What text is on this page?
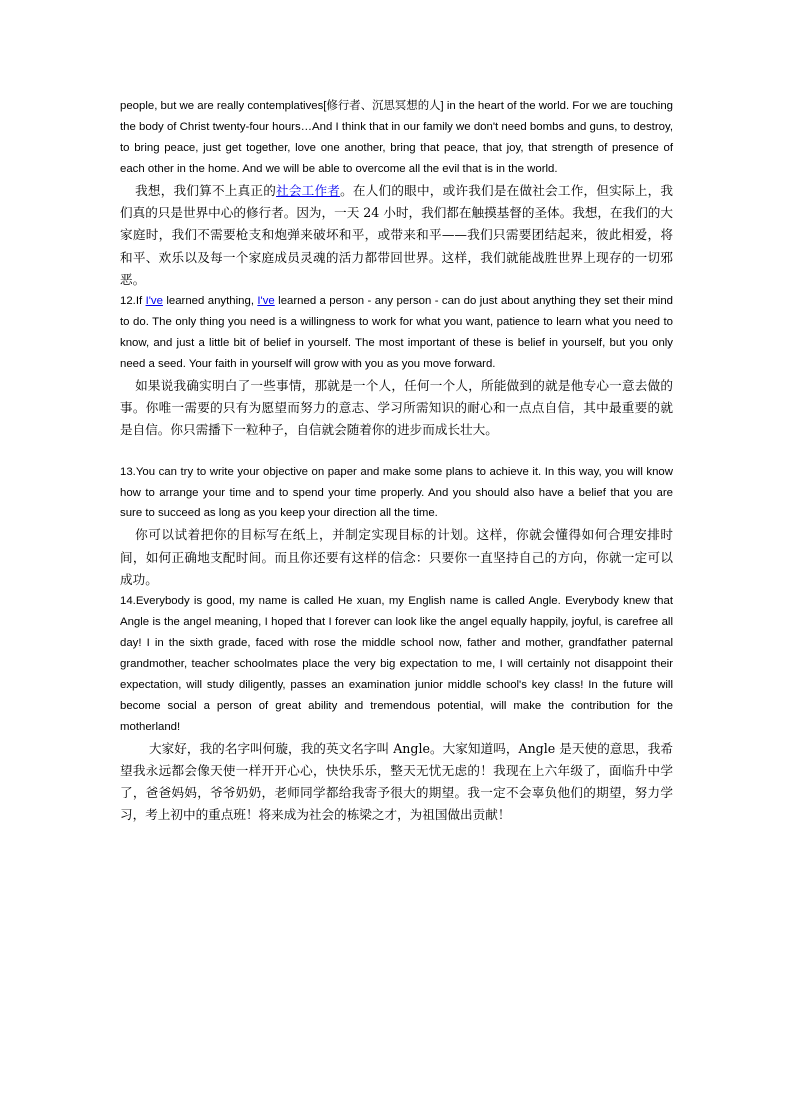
people, but we are really contemplatives[修行者、沉思冥想的人] in the heart of the world. For we are touching the body of Christ twenty-four hours…And I think that in our family we don't need bombs and guns, to destroy, to bring peace, just get together, love one another, bring that peace, that joy, that strength of presence of each other in the home. And we will be able to overcome all the evil that is in the world.

我想，我们算不上真正的社会工作者。在人们的眼中，或许我们是在做社会工作，但实际上，我们真的只是世界中心的修行者。因为，一天 24 小时，我们都在触摸基督的圣体。我想，在我们的大家庭时，我们不需要枪支和炮弹来破坏和平，或带来和平——我们只需要团结起来，彼此相爱，将和平、欢乐以及每一个家庭成员灵魂的活力都带回世界。这样，我们就能战胜世界上现存的一切邪恶。

12.If I've learned anything, I've learned a person - any person - can do just about anything they set their mind to do. The only thing you need is a willingness to work for what you want, patience to learn what you need to know, and just a little bit of belief in yourself. The most important of these is belief in yourself, but you only need a seed. Your faith in yourself will grow with you as you move forward.

如果说我确实明白了一些事情，那就是一个人，任何一个人，所能做到的就是他专心一意去做的事。你唯一需要的只有为愿望而努力的意志、学习所需知识的耐心和一点点自信，其中最重要的就是自信。你只需播下一粒种子，自信就会随着你的进步而成长壮大。

13.You can try to write your objective on paper and make some plans to achieve it. In this way, you will know how to arrange your time and to spend your time properly. And you should also have a belief that you are sure to succeed as long as you keep your direction all the time.

你可以试着把你的目标写在纸上，并制定实现目标的计划。这样，你就会懂得如何合理安排时间，如何正确地支配时间。而且你还要有这样的信念：只要你一直坚持自己的方向，你就一定可以成功。

14.Everybody is good, my name is called He xuan, my English name is called Angle. Everybody knew that Angle is the angel meaning, I hoped that I forever can look like the angel equally happily, joyful, is carefree all day! I in the sixth grade, faced with rose the middle school now, father and mother, grandfather paternal grandmother, teacher schoolmates place the very big expectation to me, I will certainly not disappoint their expectation, will study diligently, passes an examination junior middle school's key class! In the future will become social a person of great ability and tremendous potential, will make the contribution for the motherland!

大家好，我的名字叫何璇，我的英文名字叫 Angle。大家知道吗，Angle 是天使的意思，我希望我永远都会像天使一样开开心心，快快乐乐，整天无忧无虑的！我现在上六年级了，面临升中学了，爸爸妈妈，爷爷奶奶，老师同学都给我寄予很大的期望。我一定不会辜负他们的期望，努力学习，考上初中的重点班！将来成为社会的栋梁之才，为祖国做出贡献！
